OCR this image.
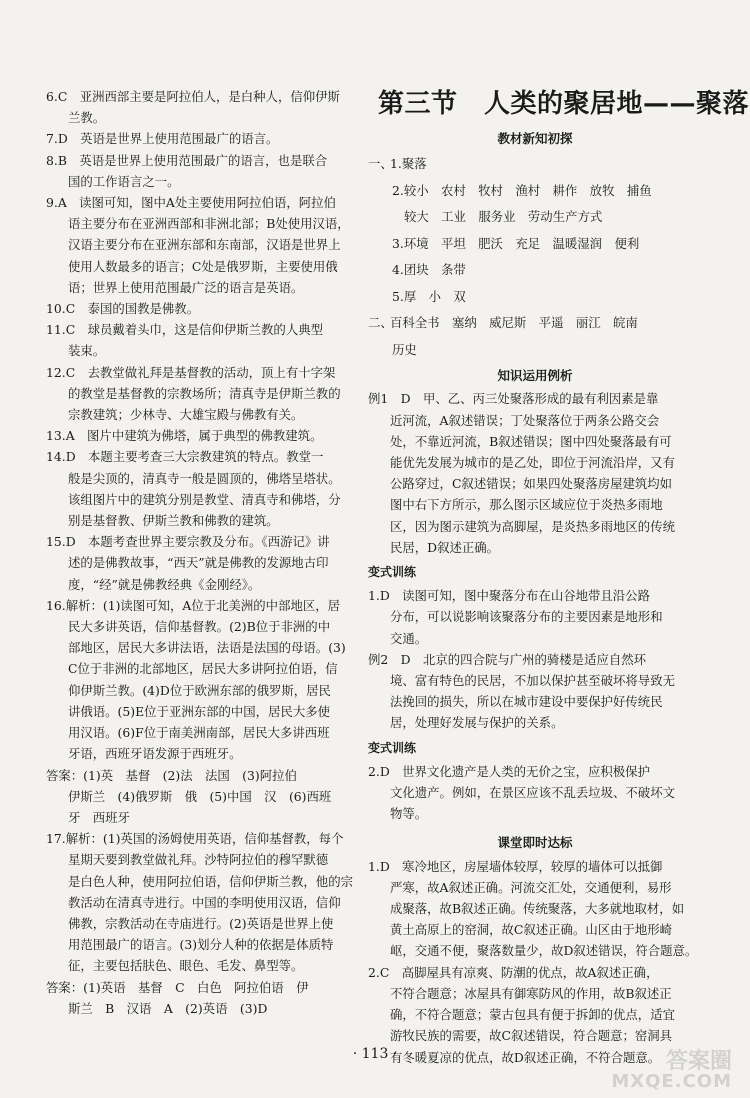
6.C　亚洲西部主要是阿拉伯人，是白种人，信仰伊斯

兰教。

7.D　英语是世界上使用范围最广的语言。

8.B　英语是世界上使用范围最广的语言，也是联合

国的工作语言之一。

9.A　读图可知，图中A处主要使用阿拉伯语，阿拉伯

语主要分布在亚洲西部和非洲北部；B处使用汉语，

汉语主要分布在亚洲东部和东南部，汉语是世界上

使用人数最多的语言；C处是俄罗斯，主要使用俄

语；世界上使用范围最广泛的语言是英语。

10.C　泰国的国教是佛教。

11.C　球员戴着头巾，这是信仰伊斯兰教的人典型

装束。

12.C　去教堂做礼拜是基督教的活动，顶上有十字架

的教堂是基督教的宗教场所；清真寺是伊斯兰教的

宗教建筑；少林寺、大雄宝殿与佛教有关。

13.A　图片中建筑为佛塔，属于典型的佛教建筑。

14.D　本题主要考查三大宗教建筑的特点。教堂一

般是尖顶的，清真寺一般是圆顶的，佛塔呈塔状。

该组图片中的建筑分别是教堂、清真寺和佛塔，分

别是基督教、伊斯兰教和佛教的建筑。

15.D　本题考查世界主要宗教及分布。《西游记》讲

述的是佛教故事，“西天”就是佛教的发源地古印

度，“经”就是佛教经典《金刚经》。

16.解析：(1)读图可知，A位于北美洲的中部地区，居

民大多讲英语，信仰基督教。(2)B位于非洲的中

部地区，居民大多讲法语，法语是法国的母语。(3)

C位于非洲的北部地区，居民大多讲阿拉伯语，信

仰伊斯兰教。(4)D位于欧洲东部的俄罗斯，居民

讲俄语。(5)E位于亚洲东部的中国，居民大多使

用汉语。(6)F位于南美洲南部，居民大多讲西班

牙语，西班牙语发源于西班牙。

答案：(1)英　基督　(2)法　法国　(3)阿拉伯

伊斯兰　(4)俄罗斯　俄　(5)中国　汉　(6)西班

牙　西班牙

17.解析：(1)英国的汤姆使用英语，信仰基督教，每个

星期天要到教堂做礼拜。沙特阿拉伯的穆罕默德

是白色人种，使用阿拉伯语，信仰伊斯兰教，他的宗

教活动在清真寺进行。中国的李明使用汉语，信仰

佛教，宗教活动在寺庙进行。(2)英语是世界上使

用范围最广的语言。(3)划分人种的依据是体质特

征，主要包括肤色、眼色、毛发、鼻型等。

答案：(1)英语　基督　C　白色　阿拉伯语　伊

斯兰　B　汉语　A　(2)英语　(3)D

第三节　人类的聚居地——聚落
教材新知初探

一、1.聚落

2.较小　农村　牧村　渔村　耕作　放牧　捕鱼

较大　工业　服务业　劳动生产方式

3.环境　平坦　肥沃　充足　温暖湿润　便利

4.团块　条带

5.厚　小　双

二、百科全书　塞纳　威尼斯　平遥　丽江　皖南

历史

知识运用例析

例1　D　甲、乙、丙三处聚落形成的最有利因素是靠

近河流，A叙述错误；丁处聚落位于两条公路交会

处，不靠近河流，B叙述错误；图中四处聚落最有可

能优先发展为城市的是乙处，即位于河流沿岸，又有

公路穿过，C叙述错误；如果四处聚落房屋建筑均如

图中右下方所示，那么图示区域应位于炎热多雨地

区，因为图示建筑为高脚屋，是炎热多雨地区的传统

民居，D叙述正确。

变式训练

1.D　读图可知，图中聚落分布在山谷地带且沿公路

分布，可以说影响该聚落分布的主要因素是地形和

交通。

例2　D　北京的四合院与广州的骑楼是适应自然环

境、富有特色的民居，不加以保护甚至破坏将导致无

法挽回的损失，所以在城市建设中要保护好传统民

居，处理好发展与保护的关系。

变式训练

2.D　世界文化遗产是人类的无价之宝，应积极保护

文化遗产。例如，在景区应该不乱丢垃圾、不破坏文

物等。

课堂即时达标

1.D　寒冷地区，房屋墙体较厚，较厚的墙体可以抵御

严寒，故A叙述正确。河流交汇处，交通便利，易形

成聚落，故B叙述正确。传统聚落，大多就地取材，如

黄土高原上的窑洞，故C叙述正确。山区由于地形崎

岖，交通不便，聚落数量少，故D叙述错误，符合题意。

2.C　高脚屋具有凉爽、防潮的优点，故A叙述正确，

不符合题意；冰屋具有御寒防风的作用，故B叙述正

确，不符合题意；蒙古包具有便于拆卸的优点，适宜

游牧民族的需要，故C叙述错误，符合题意；窑洞具

有冬暖夏凉的优点，故D叙述正确，不符合题意。

· 113 ·	答案圈
MXQE.COM
